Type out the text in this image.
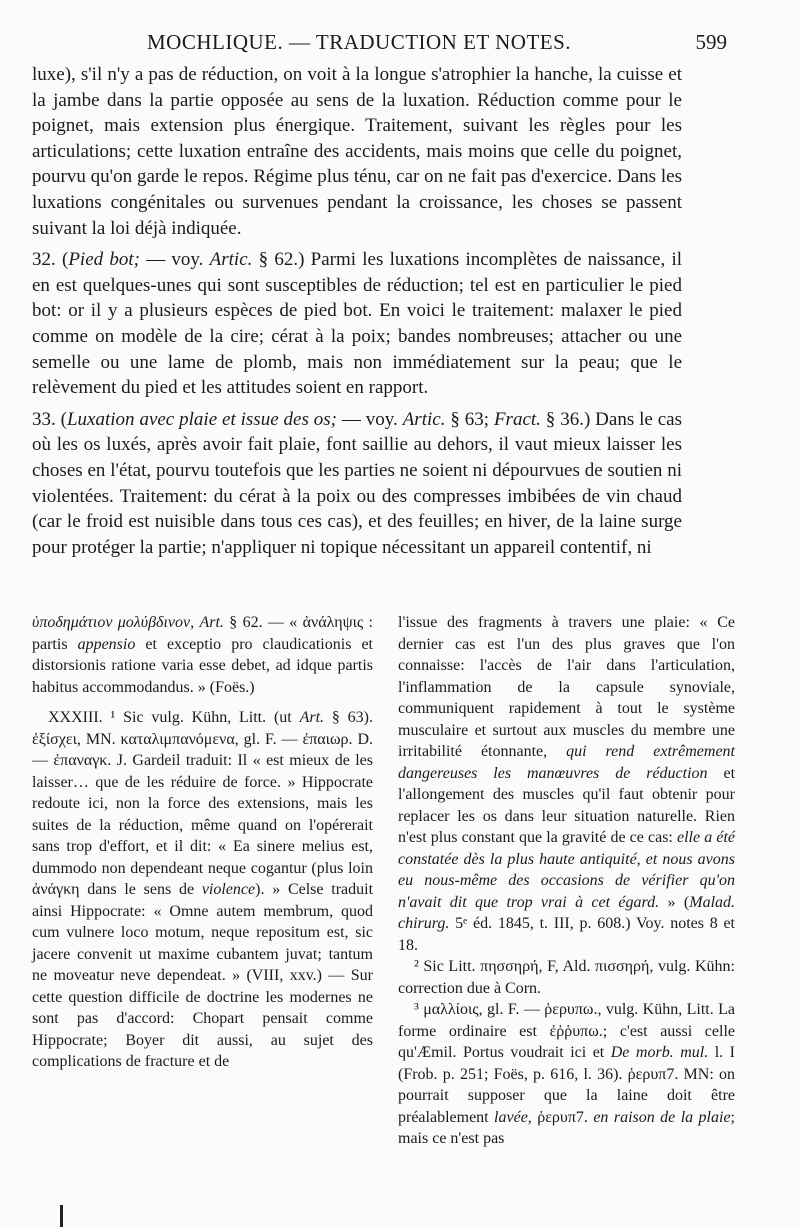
MOCHLIQUE. — TRADUCTION ET NOTES.	599

luxe), s'il n'y a pas de réduction, on voit à la longue s'atrophier la hanche, la cuisse et la jambe dans la partie opposée au sens de la luxation. Réduction comme pour le poignet, mais extension plus énergique. Traitement, suivant les règles pour les articulations; cette luxation entraîne des accidents, mais moins que celle du poignet, pourvu qu'on garde le repos. Régime plus ténu, car on ne fait pas d'exercice. Dans les luxations congénitales ou survenues pendant la croissance, les choses se passent suivant la loi déjà indiquée.

32. (Pied bot; — voy. Artic. § 62.) Parmi les luxations incomplètes de naissance, il en est quelques-unes qui sont susceptibles de réduction; tel est en particulier le pied bot: or il y a plusieurs espèces de pied bot. En voici le traitement: malaxer le pied comme on modèle de la cire; cérat à la poix; bandes nombreuses; attacher ou une semelle ou une lame de plomb, mais non immédiatement sur la peau; que le relèvement du pied et les attitudes soient en rapport.

33. (Luxation avec plaie et issue des os; — voy. Artic. § 63; Fract. § 36.) Dans le cas où les os luxés, après avoir fait plaie, font saillie au dehors, il vaut mieux laisser les choses en l'état, pourvu toutefois que les parties ne soient ni dépourvues de soutien ni violentées. Traitement: du cérat à la poix ou des compresses imbibées de vin chaud (car le froid est nuisible dans tous ces cas), et des feuilles; en hiver, de la laine surge pour protéger la partie; n'appliquer ni topique nécessitant un appareil contentif, ni

ὑποδημάτιον μολύβδινον, Art. § 62. — « ἀνάληψις : partis appensio et exceptio pro claudicationis et distorsionis ratione varia esse debet, ad idque partis habitus accommodandus. » (Foës.)

XXXIII. ¹ Sic vulg. Kühn, Litt. (ut Art. § 63). ἐξίσχει, MN. καταλιμπανόμενα, gl. F. — ἐπαιωρ. D. — ἐπαναγκ. J. Gardeil traduit: Il « est mieux de les laisser… que de les réduire de force. » Hippocrate redoute ici, non la force des extensions, mais les suites de la réduction, même quand on l'opérerait sans trop d'effort, et il dit: « Ea sinere melius est, dummodo non dependeant neque cogantur (plus loin ἀνάγκη dans le sens de violence). » Celse traduit ainsi Hippocrate: « Omne autem membrum, quod cum vulnere loco motum, neque repositum est, sic jacere convenit ut maxime cubantem juvat; tantum ne moveatur neve dependeat. » (VIII, xxv.) — Sur cette question difficile de doctrine les modernes ne sont pas d'accord: Chopart pensait comme Hippocrate; Boyer dit aussi, au sujet des complications de fracture et de

l'issue des fragments à travers une plaie: « Ce dernier cas est l'un des plus graves que l'on connaisse: l'accès de l'air dans l'articulation, l'inflammation de la capsule synoviale, communiquent rapidement à tout le système musculaire et surtout aux muscles du membre une irritabilité étonnante, qui rend extrêmement dangereuses les manœuvres de réduction et l'allongement des muscles qu'il faut obtenir pour replacer les os dans leur situation naturelle. Rien n'est plus constant que la gravité de ce cas: elle a été constatée dès la plus haute antiquité, et nous avons eu nous-même des occasions de vérifier qu'on n'avait dit que trop vrai à cet égard. » (Malad. chirurg. 5ᵉ éd. 1845, t. III, p. 608.) Voy. notes 8 et 18.

² Sic Litt. πησσηρή, F, Ald. πισσηρή, vulg. Kühn: correction due à Corn.

³ μαλλίοις, gl. F. — ῥερυπω., vulg. Kühn, Litt. La forme ordinaire est ἐῤῥυπω.; c'est aussi celle qu'Æmil. Portus voudrait ici et De morb. mul. l. I (Frob. p. 251; Foës, p. 616, l. 36). ῥερυπ7. MN: on pourrait supposer que la laine doit être préalablement lavée, ῥερυπ7. en raison de la plaie; mais ce n'est pas
